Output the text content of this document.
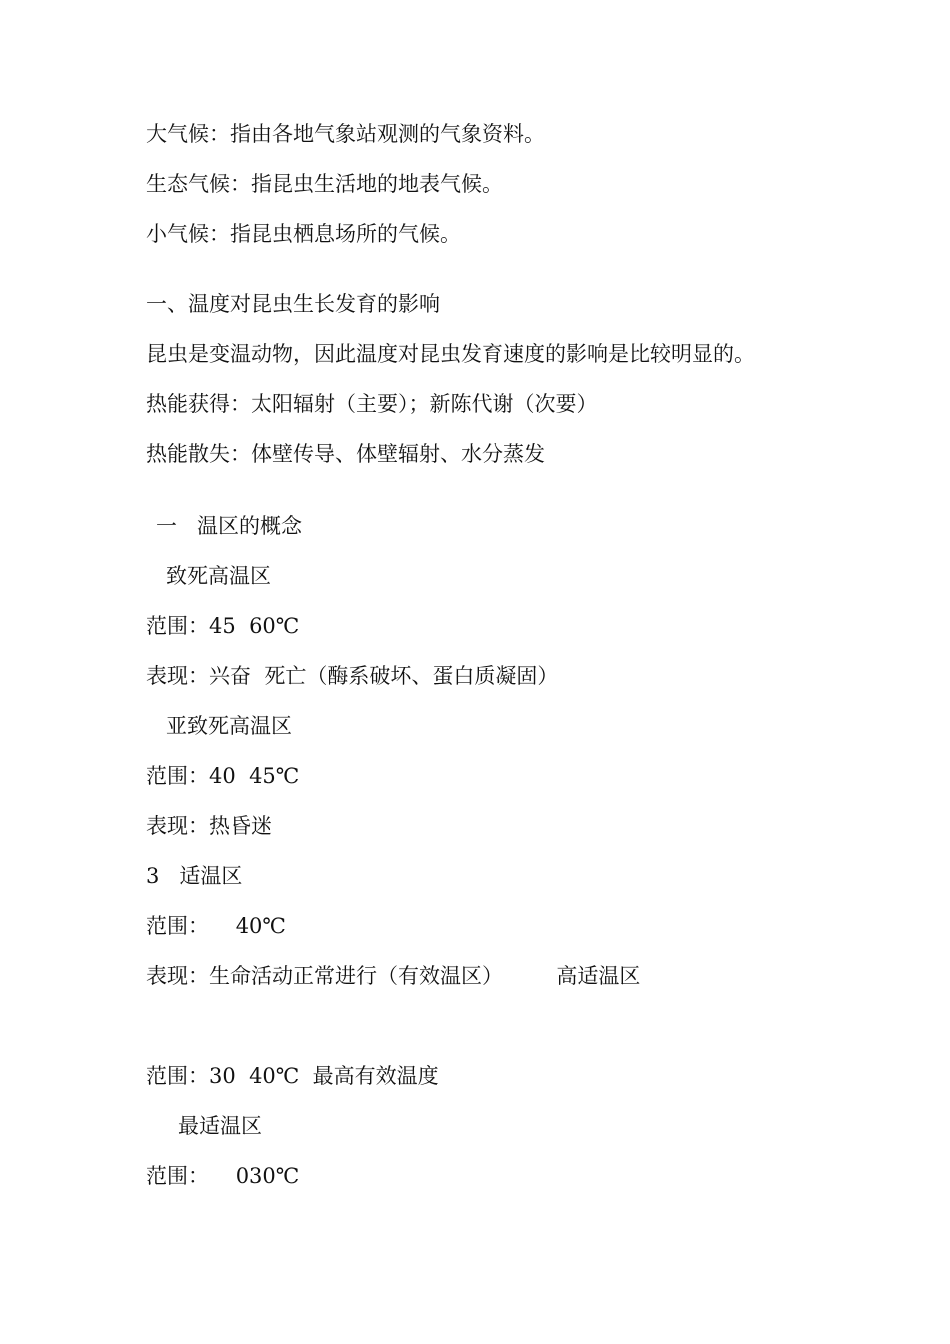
大气候：指由各地气象站观测的气象资料。
生态气候：指昆虫生活地的地表气候。
小气候：指昆虫栖息场所的气候。
一、温度对昆虫生长发育的影响
昆虫是变温动物，因此温度对昆虫发育速度的影响是比较明显的。
热能获得：太阳辐射（主要）；新陈代谢（次要）
热能散失：体壁传导、体壁辐射、水分蒸发
一   温区的概念
致死高温区
范围：45  60℃
表现：兴奋  死亡（酶系破坏、蛋白质凝固）
亚致死高温区
范围：40  45℃
表现：热昏迷
3   适温区
范围：    40℃
表现：生命活动正常进行（有效温区）        高适温区
范围：30  40℃  最高有效温度
最适温区
范围：    030℃
